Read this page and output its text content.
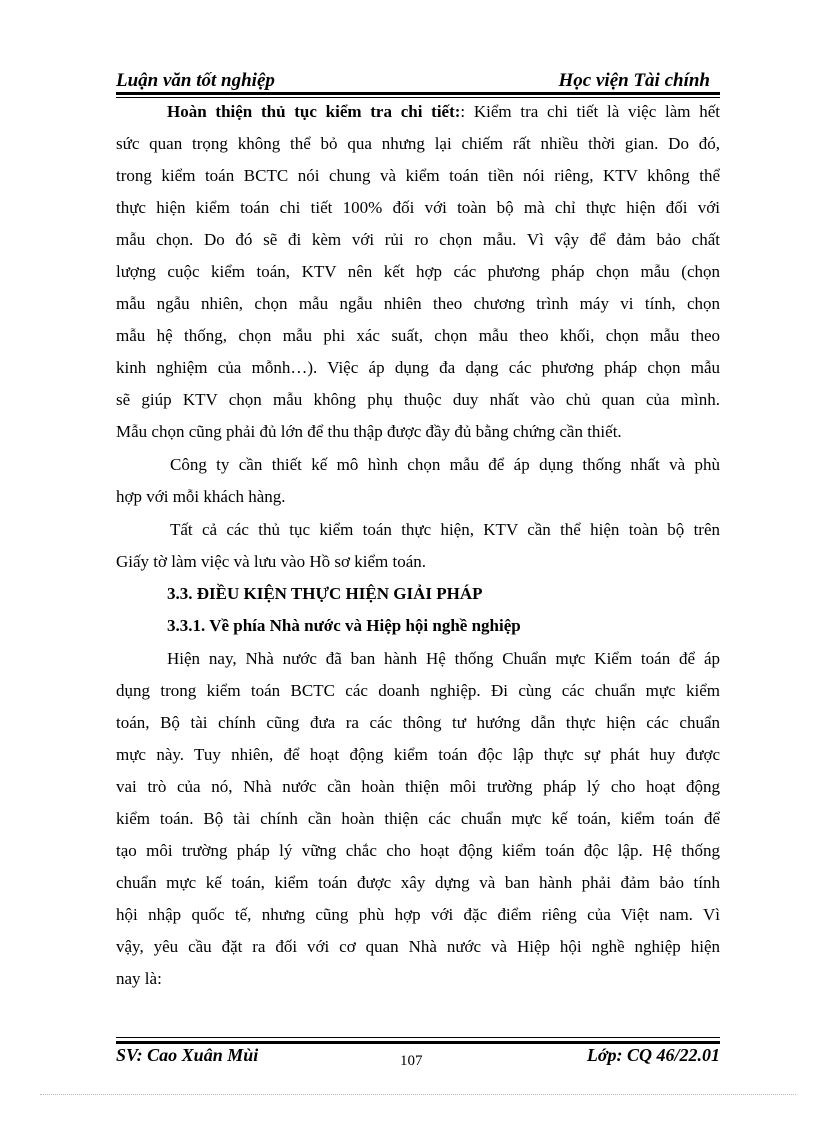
Luận văn tốt nghiệp	Học viện Tài chính
Hoàn thiện thủ tục kiểm tra chi tiết:: Kiểm tra chi tiết là việc làm hết
sức quan trọng không thể bỏ qua nhưng lại chiếm rất nhiều thời gian. Do đó,
trong kiểm toán BCTC nói chung và kiểm toán tiền nói riêng, KTV không thể
thực hiện kiểm toán chi tiết 100% đối với toàn bộ mà chỉ thực hiện đối với
mẫu chọn. Do đó sẽ đi kèm với rủi ro chọn mẫu. Vì vậy để đảm bảo chất
lượng cuộc kiểm toán, KTV nên kết hợp các phương pháp chọn mẫu (chọn
mẫu ngẫu nhiên, chọn mẫu ngẫu nhiên theo chương trình máy vi tính, chọn
mẫu hệ thống, chọn mẫu phi xác suất, chọn mẫu theo khối, chọn mẫu theo
kinh nghiệm của mỗnh…). Việc áp dụng đa dạng các phương pháp chọn mẫu
sẽ giúp KTV chọn mẫu không phụ thuộc duy nhất vào chủ quan của mình.
Mẫu chọn cũng phải đủ lớn để thu thập được đầy đủ bằng chứng cần thiết.
Công ty cần thiết kế mô hình chọn mẫu để áp dụng thống nhất và phù
hợp với mỗi khách hàng.
Tất cả các thủ tục kiểm toán thực hiện, KTV cần thể hiện toàn bộ trên
Giấy tờ làm việc và lưu vào Hồ sơ kiểm toán.
3.3. ĐIỀU KIỆN THỰC HIỆN GIẢI PHÁP
3.3.1. Về phía Nhà nước và Hiệp hội nghề nghiệp
Hiện nay, Nhà nước đã ban hành Hệ thống Chuẩn mực Kiểm toán để áp
dụng trong kiểm toán BCTC các doanh nghiệp. Đi cùng các chuẩn mực kiểm
toán, Bộ tài chính cũng đưa ra các thông tư hướng dẫn thực hiện các chuẩn
mực này. Tuy nhiên, để hoạt động kiểm toán độc lập thực sự phát huy được
vai trò của nó, Nhà nước cần hoàn thiện môi trường pháp lý cho hoạt động
kiểm toán. Bộ tài chính cần hoàn thiện các chuẩn mực kế toán, kiểm toán để
tạo môi trường pháp lý vững chắc cho hoạt động kiểm toán độc lập. Hệ thống
chuẩn mực kế toán, kiểm toán được xây dựng và ban hành phải đảm bảo tính
hội nhập quốc tế, nhưng cũng phù hợp với đặc điểm riêng của Việt nam. Vì
vậy, yêu cầu đặt ra đối với cơ quan Nhà nước và Hiệp hội nghề nghiệp hiện
nay là:
SV: Cao Xuân Mùi	107	Lớp: CQ 46/22.01
